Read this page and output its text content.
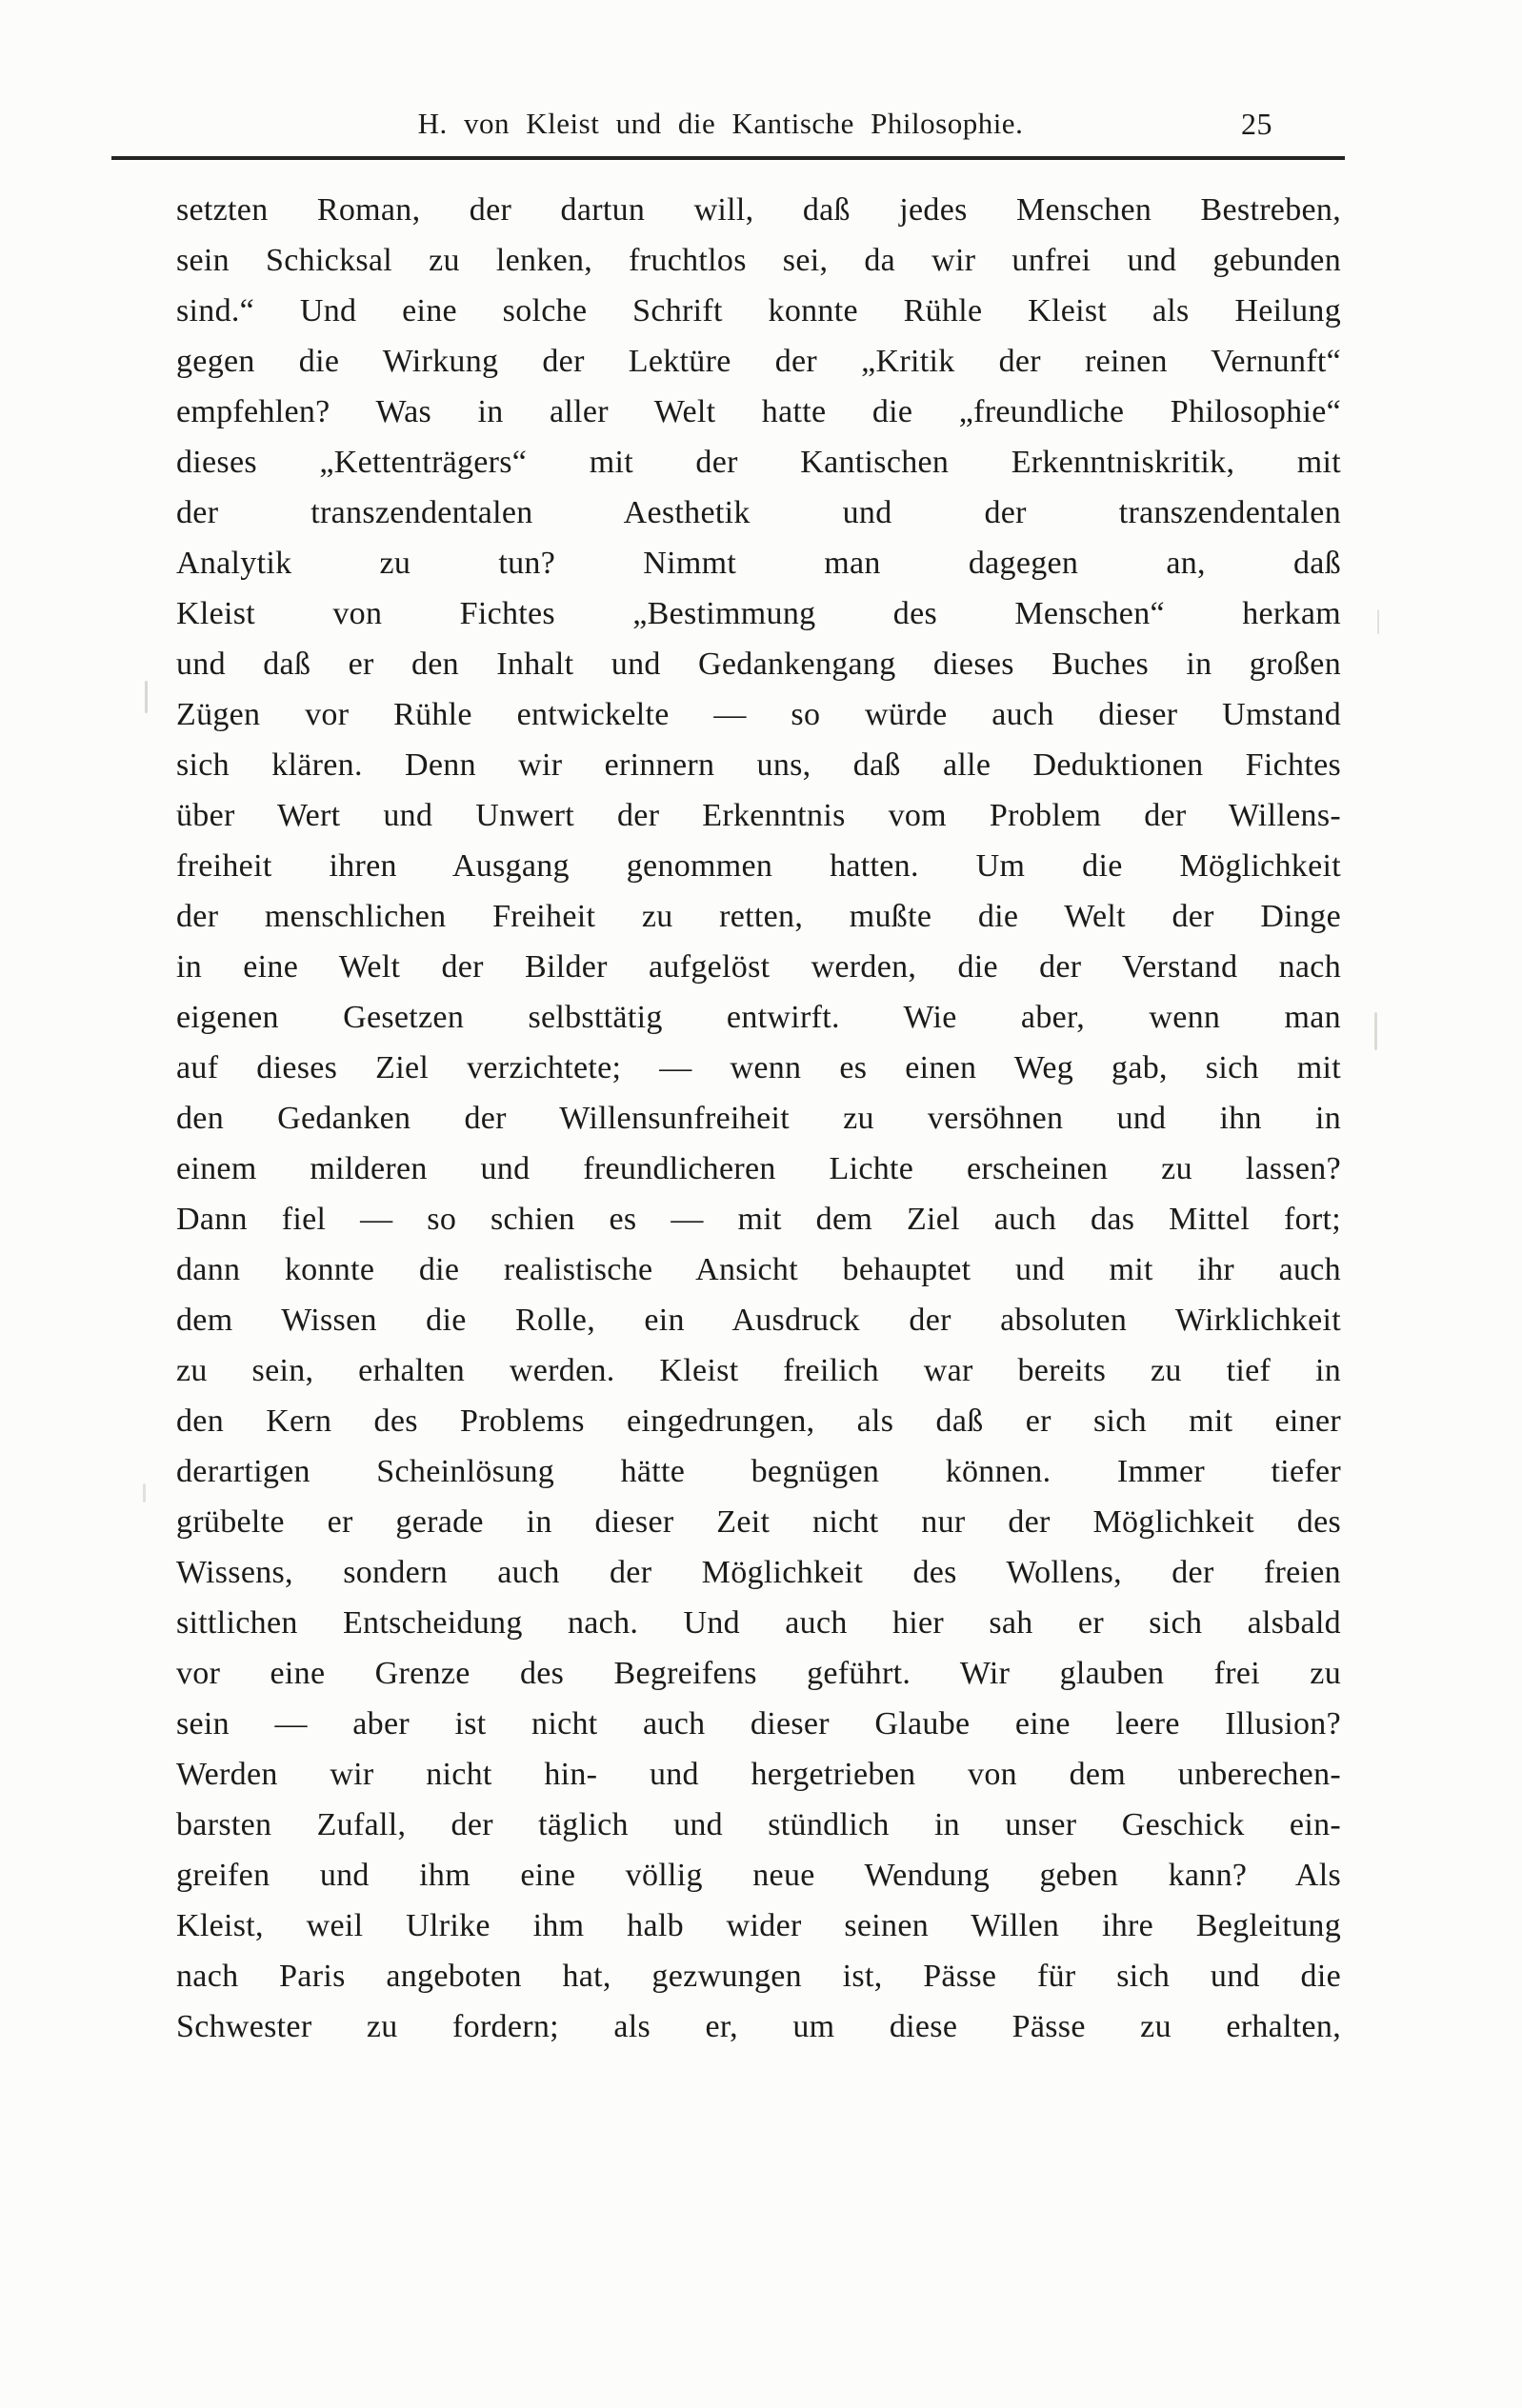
H. von Kleist und die Kantische Philosophie.	25
setzten Roman, der dartun will, daß jedes Menschen Bestreben,
sein Schicksal zu lenken, fruchtlos sei, da wir unfrei und gebunden
sind.“ Und eine solche Schrift konnte Rühle Kleist als Heilung
gegen die Wirkung der Lektüre der „Kritik der reinen Vernunft“
empfehlen? Was in aller Welt hatte die „freundliche Philosophie“
dieses „Kettenträgers“ mit der Kantischen Erkenntniskritik, mit
der transzendentalen Aesthetik und der transzendentalen
Analytik zu tun? Nimmt man dagegen an, daß
Kleist von Fichtes „Bestimmung des Menschen“ herkam
und daß er den Inhalt und Gedankengang dieses Buches in großen
Zügen vor Rühle entwickelte — so würde auch dieser Umstand
sich klären. Denn wir erinnern uns, daß alle Deduktionen Fichtes
über Wert und Unwert der Erkenntnis vom Problem der Willens-
freiheit ihren Ausgang genommen hatten. Um die Möglichkeit
der menschlichen Freiheit zu retten, mußte die Welt der Dinge
in eine Welt der Bilder aufgelöst werden, die der Verstand nach
eigenen Gesetzen selbsttätig entwirft. Wie aber, wenn man
auf dieses Ziel verzichtete; — wenn es einen Weg gab, sich mit
den Gedanken der Willensunfreiheit zu versöhnen und ihn in
einem milderen und freundlicheren Lichte erscheinen zu lassen?
Dann fiel — so schien es — mit dem Ziel auch das Mittel fort;
dann konnte die realistische Ansicht behauptet und mit ihr auch
dem Wissen die Rolle, ein Ausdruck der absoluten Wirklichkeit
zu sein, erhalten werden. Kleist freilich war bereits zu tief in
den Kern des Problems eingedrungen, als daß er sich mit einer
derartigen Scheinlösung hätte begnügen können. Immer tiefer
grübelte er gerade in dieser Zeit nicht nur der Möglichkeit des
Wissens, sondern auch der Möglichkeit des Wollens, der freien
sittlichen Entscheidung nach. Und auch hier sah er sich alsbald
vor eine Grenze des Begreifens geführt. Wir glauben frei zu
sein — aber ist nicht auch dieser Glaube eine leere Illusion?
Werden wir nicht hin- und hergetrieben von dem unberechen-
barsten Zufall, der täglich und stündlich in unser Geschick ein-
greifen und ihm eine völlig neue Wendung geben kann? Als
Kleist, weil Ulrike ihm halb wider seinen Willen ihre Begleitung
nach Paris angeboten hat, gezwungen ist, Pässe für sich und die
Schwester zu fordern; als er, um diese Pässe zu erhalten,
